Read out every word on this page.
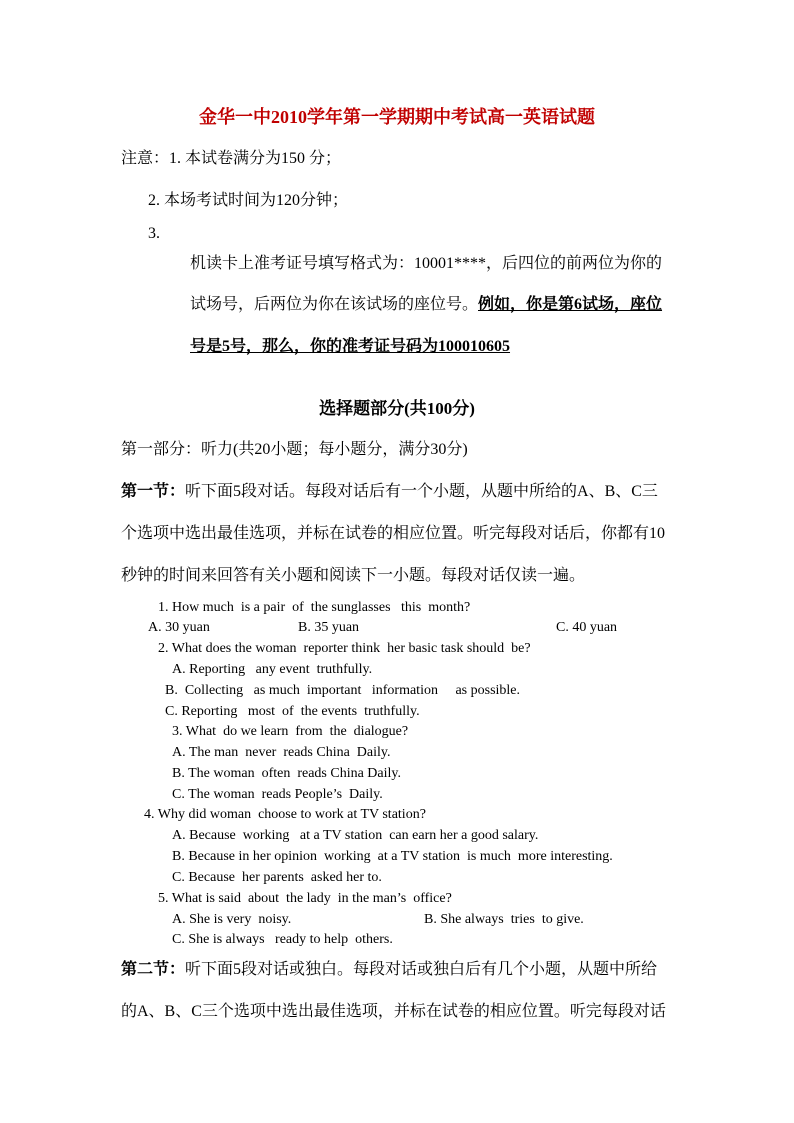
金华一中2010学年第一学期期中考试高一英语试题
注意：1. 本试卷满分为150 分；
2. 本场考试时间为120分钟；
3.
机读卡上准考证号填写格式为：10001****，后四位的前两位为你的
试场号，后两位为你在该试场的座位号。例如，你是第6试场，座位
号是5号，那么，你的准考证号码为100010605
选择题部分(共100分)
第一部分：听力(共20小题；每小题分，满分30分)
第一节：听下面5段对话。每段对话后有一个小题，从题中所给的A、B、C三
个选项中选出最佳选项，并标在试卷的相应位置。听完每段对话后，你都有10
秒钟的时间来回答有关小题和阅读下一小题。每段对话仅读一遍。
1. How much  is a pair  of  the sunglasses   this  month?
A. 30 yuan	B. 35 yuan	C. 40 yuan
2. What does the woman  reporter think  her basic task should  be?
A. Reporting   any event  truthfully.
B.  Collecting   as much  important   information     as possible.
C. Reporting   most  of  the events  truthfully.
3. What  do we learn  from  the  dialogue?
A. The man  never  reads China  Daily.
B. The woman  often  reads China Daily.
C. The woman  reads People’s  Daily.
4. Why did woman  choose to work at TV station?
A. Because  working   at a TV station  can earn her a good salary.
B. Because in her opinion  working  at a TV station  is much  more interesting.
C. Because  her parents  asked her to.
5. What is said  about  the lady  in the man’s  office?
A. She is very  noisy.	B. She always  tries  to give.
C. She is always   ready to help  others.
第二节：听下面5段对话或独白。每段对话或独白后有几个小题，从题中所给
的A、B、C三个选项中选出最佳选项，并标在试卷的相应位置。听完每段对话
